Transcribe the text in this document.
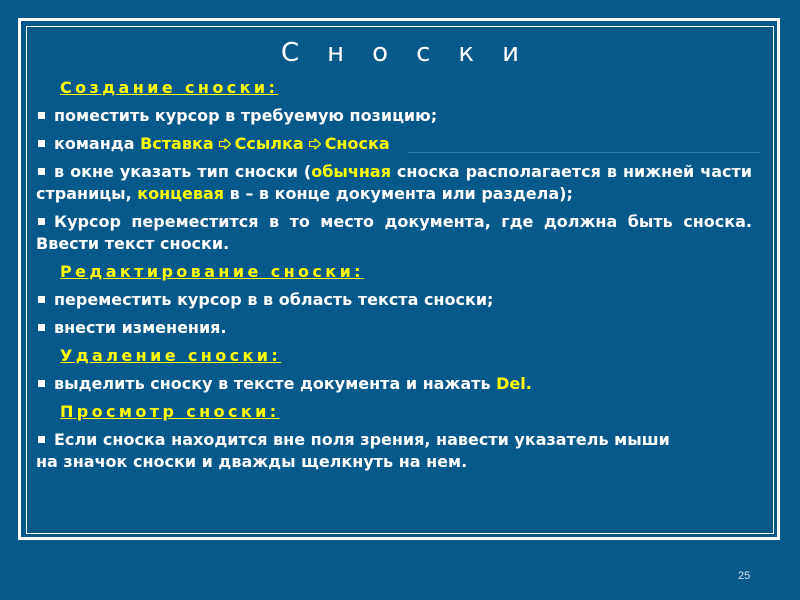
Сноски
Создание сноски:
поместить курсор в требуемую позицию;
команда Вставка Ссылка Сноска
в окне указать тип сноски (обычная сноска располагается в нижней части страницы, концевая в – в конце документа или раздела);
Курсор переместится в то место документа, где должна быть сноска. Ввести текст сноски.
Редактирование сноски:
переместить курсор в в область текста сноски;
внести изменения.
Удаление сноски:
выделить сноску в тексте документа и нажать Del.
Просмотр сноски:
Если сноска находится вне поля зрения, навести указатель мыши
на значок сноски и дважды щелкнуть на нем.
25
